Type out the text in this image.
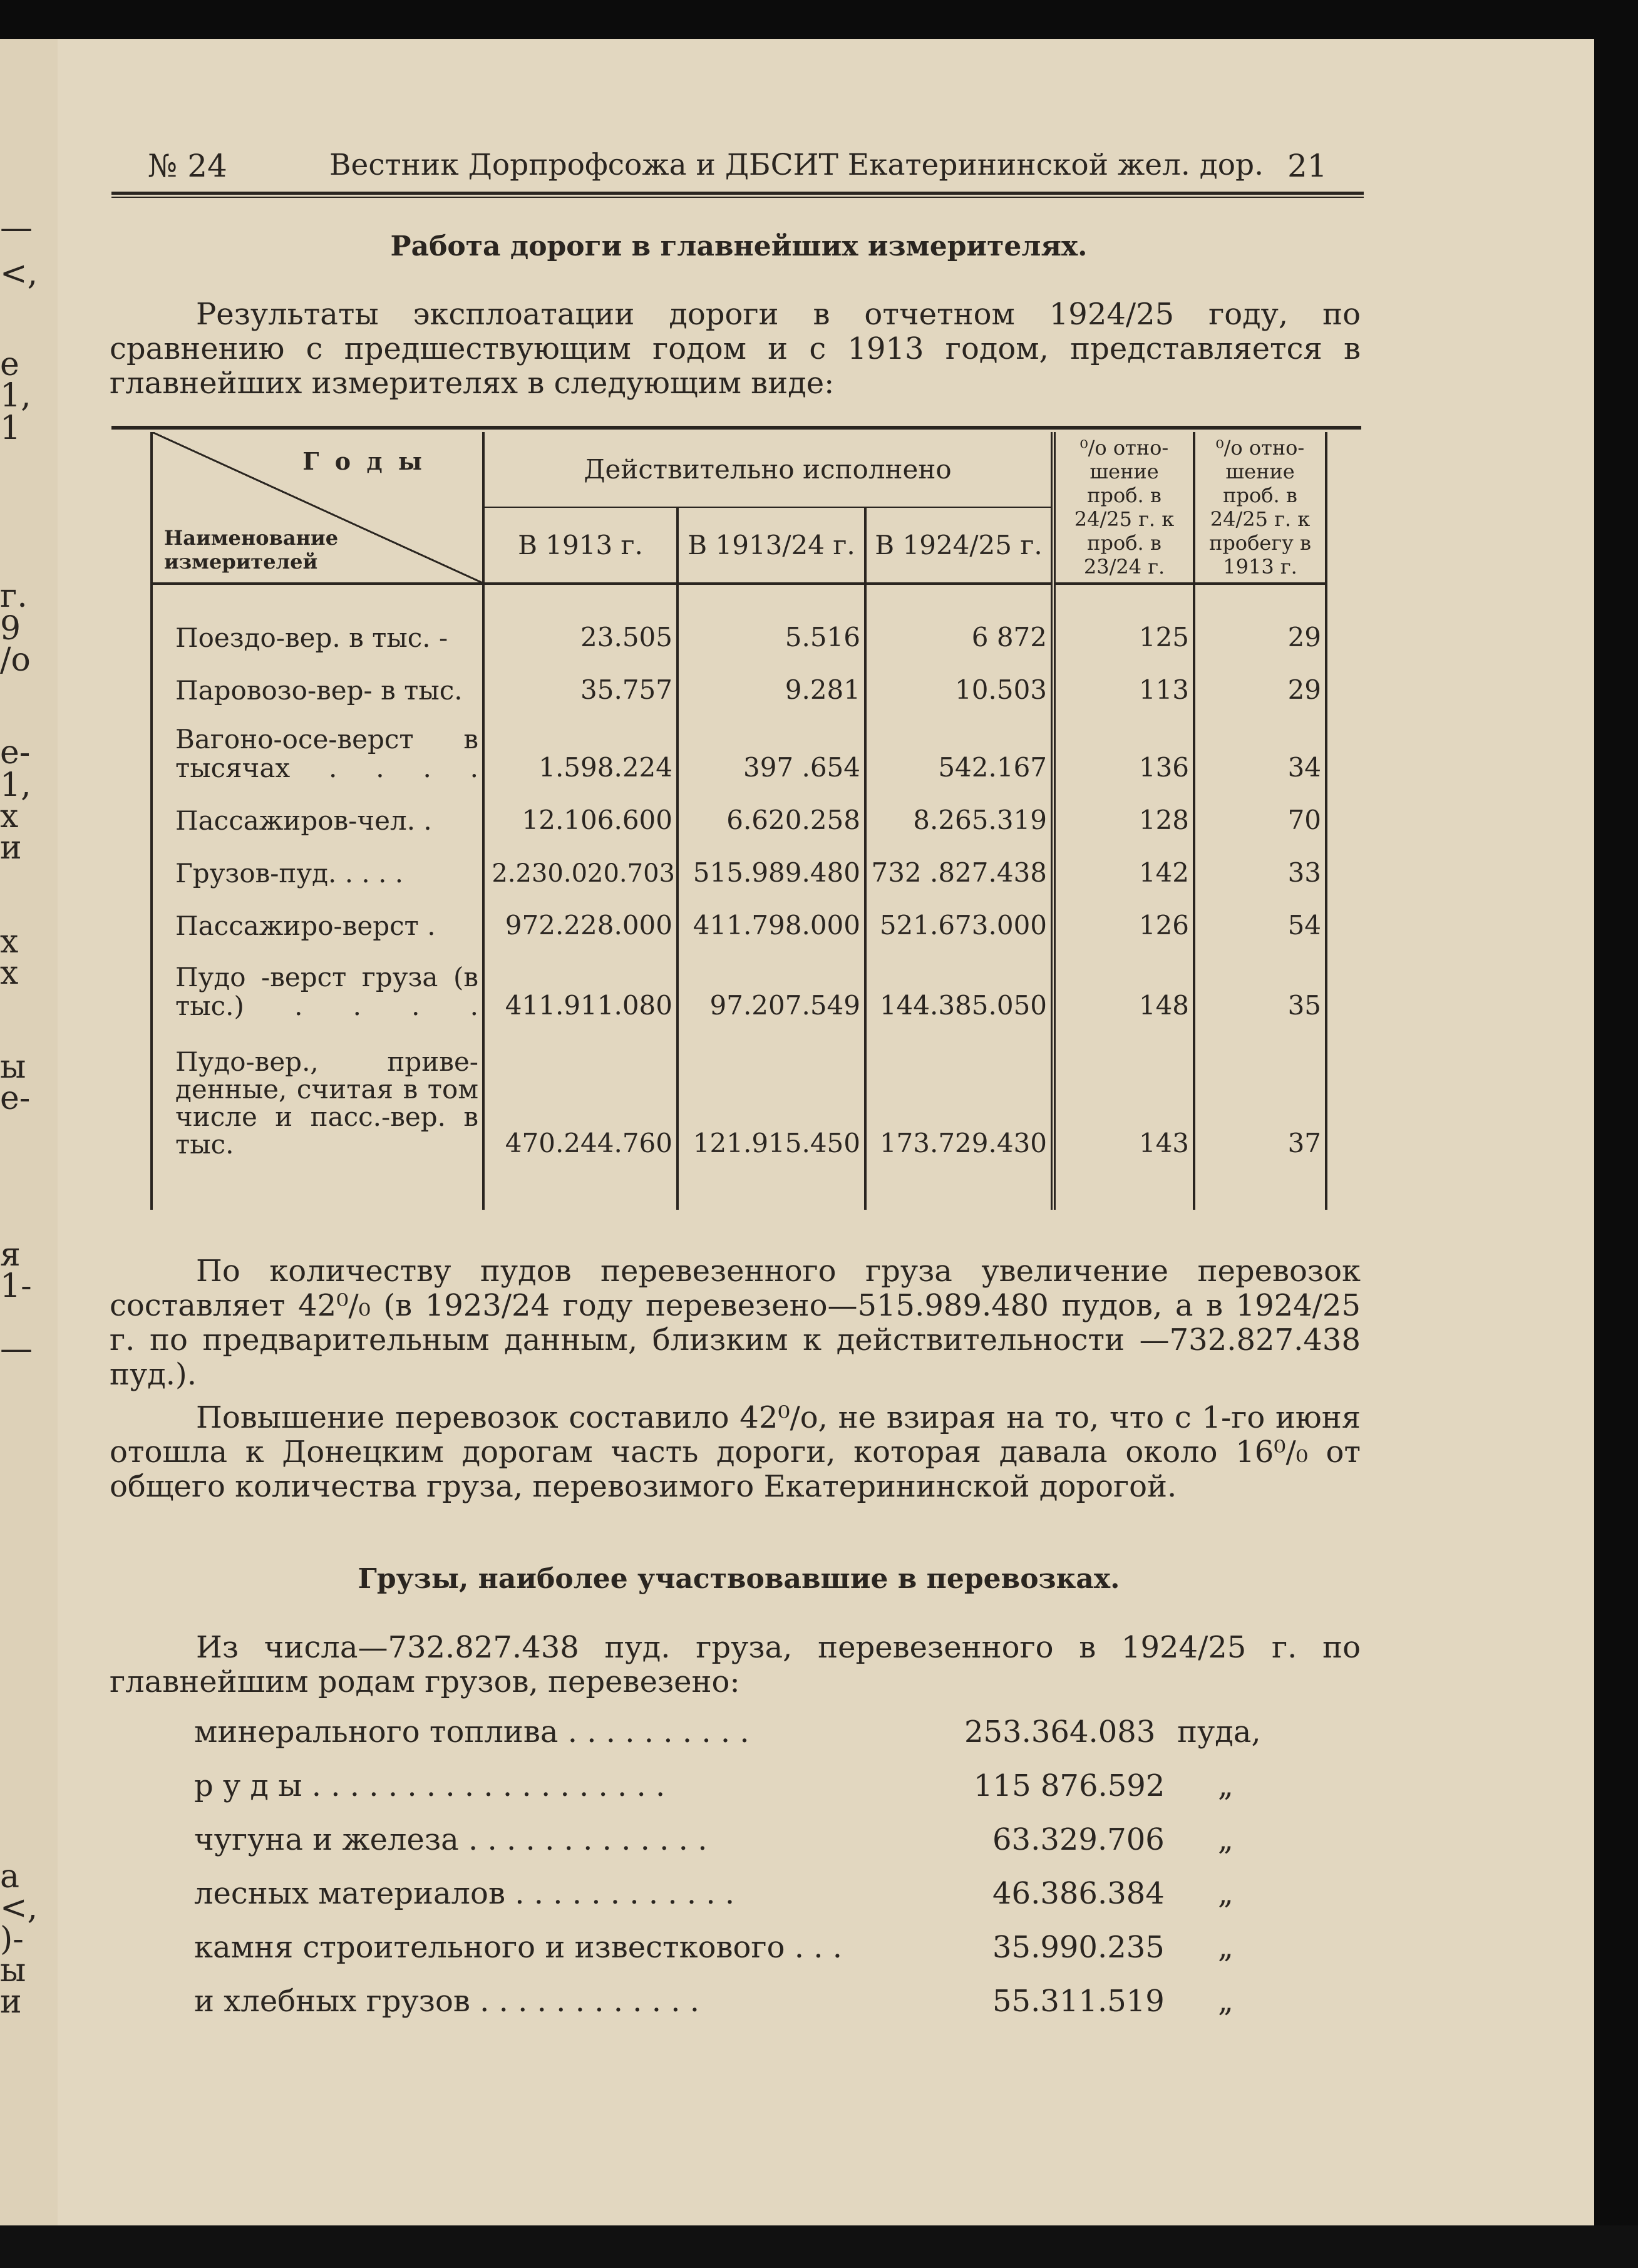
—
<,
е
1,
1
г.
9
/о
е-
1,
х
и
х
х
ы
е-
я
1-
—
а
<,
)-
ы
и
№ 24	Вестник Дорпрофсожа и ДБСИТ Екатерининской жел. дор. 21
Работа дороги в главнейших измерителях.
Результаты эксплоатации дороги в отчетном 1924/25 году, по сравнению с предшествующим годом и с 1913 годом, представляется в главнейших измерителях в следующим виде:
Г о д ы
Наименование измерителей	Действительно исполнено			⁰/о отно- шение проб. в 24/25 г. к проб. в 23/24 г.	⁰/о отно- шение проб. в 24/25 г. к пробегу в 1913 г.
	В 1913 г.	В 1913/24 г.	В 1924/25 г.		
Поездо-вер. в тыс. -	23.505	5.516	6 872	125	29
Паровозо-вер- в тыс.	35.757	9.281	10.503	113	29
Вагоно-осе-верст в тысячах . . . .	1.598.224	397 .654	542.167	136	34
Пассажиров-чел. .	12.106.600	6.620.258	8.265.319	128	70
Грузов-пуд. . . . .	2.230.020.703	515.989.480	732 .827.438	142	33
Пассажиро-верст .	972.228.000	411.798.000	521.673.000	126	54
Пудо -верст груза (в тыс.) . . . .	411.911.080	97.207.549	144.385.050	148	35
Пудо-вер., приве- денные, считая в том числе и пасс.-вер. в тыс.	470.244.760	121.915.450	173.729.430	143	37

По количеству пудов перевезенного груза увеличение перевозок составляет 42⁰/₀ (в 1923/24 году перевезено—515.989.480 пудов, а в 1924/25 г. по предварительным данным, близким к действительности —732.827.438 пуд.).
Повышение перевозок составило 42⁰/о, не взирая на то, что с 1-го июня отошла к Донецким дорогам часть дороги, которая давала около 16⁰/₀ от общего количества груза, перевозимого Екатерининской дорогой.
Грузы, наиболее участвовавшие в перевозках.
Из числа—732.827.438 пуд. груза, перевезенного в 1924/25 г. по главнейшим родам грузов, перевезено:
минерального топлива . . . . . . . . . .	253.364.083 пуда,
р у д ы . . . . . . . . . . . . . . . . . . .	115 876.592 „
чугуна и железа . . . . . . . . . . . . .	63.329.706 „
лесных материалов . . . . . . . . . . . .	46.386.384 „
камня строительного и известкового . . .	35.990.235 „
и хлебных грузов . . . . . . . . . . . .	55.311.519 „
